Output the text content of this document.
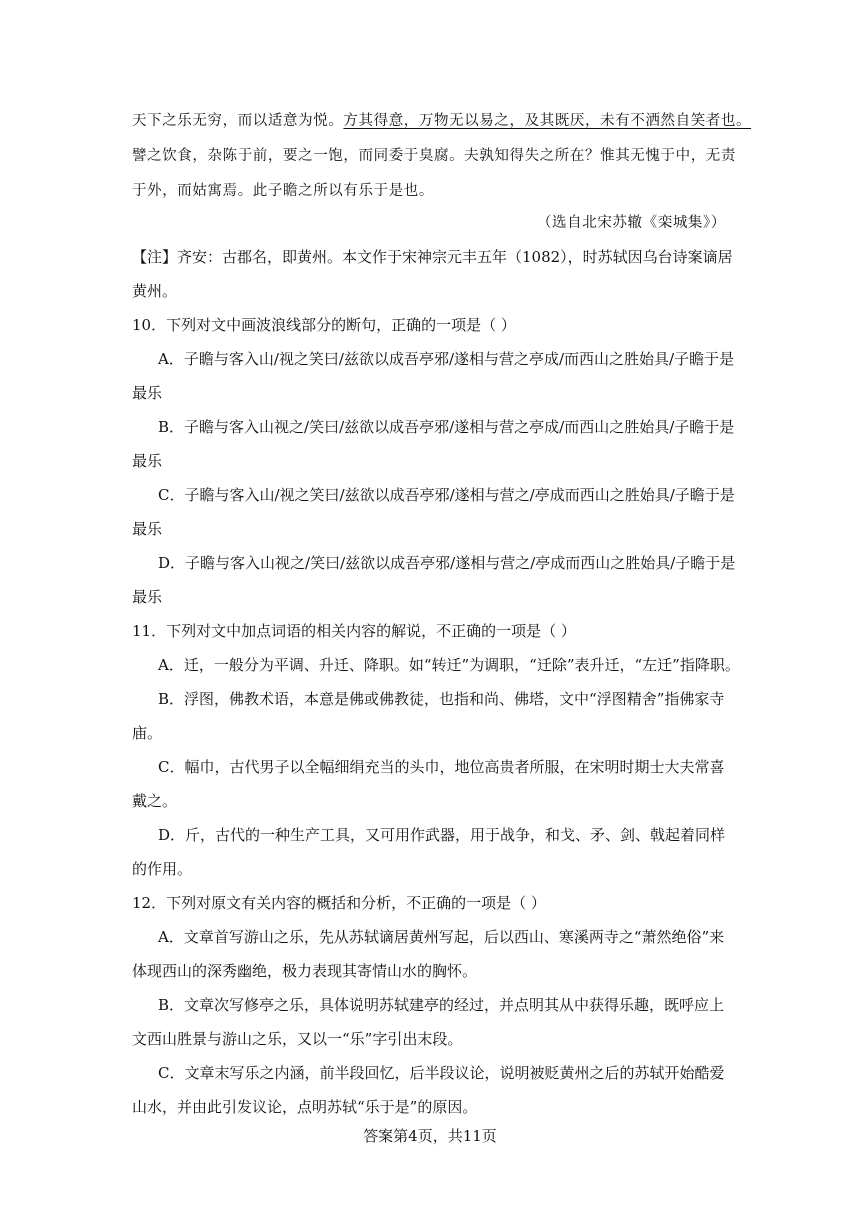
天下之乐无穷，而以适意为悦。方其得意，万物无以易之，及其既厌，未有不洒然自笑者也。
譬之饮食，杂陈于前，要之一饱，而同委于臭腐。夫孰知得失之所在？惟其无愧于中，无责
于外，而姑寓焉。此子瞻之所以有乐于是也。
（选自北宋苏辙《栾城集》）
【注】齐安：古郡名，即黄州。本文作于宋神宗元丰五年（1082），时苏轼因乌台诗案谪居
黄州。
10．下列对文中画波浪线部分的断句，正确的一项是（ ）
A．子瞻与客入山/视之笑曰/兹欲以成吾亭邪/遂相与营之亭成/而西山之胜始具/子瞻于是
最乐
B．子瞻与客入山视之/笑曰/兹欲以成吾亭邪/遂相与营之亭成/而西山之胜始具/子瞻于是
最乐
C．子瞻与客入山/视之笑曰/兹欲以成吾亭邪/遂相与营之/亭成而西山之胜始具/子瞻于是
最乐
D．子瞻与客入山视之/笑曰/兹欲以成吾亭邪/遂相与营之/亭成而西山之胜始具/子瞻于是
最乐
11．下列对文中加点词语的相关内容的解说，不正确的一项是（ ）
A．迁，一般分为平调、升迁、降职。如“转迁”为调职，“迁除”表升迁，“左迁”指降职。
B．浮图，佛教术语，本意是佛或佛教徒，也指和尚、佛塔，文中“浮图精舍”指佛家寺
庙。
C．幅巾，古代男子以全幅细绢充当的头巾，地位高贵者所服，在宋明时期士大夫常喜
戴之。
D．斤，古代的一种生产工具，又可用作武器，用于战争，和戈、矛、剑、戟起着同样
的作用。
12．下列对原文有关内容的概括和分析，不正确的一项是（ ）
A．文章首写游山之乐，先从苏轼谪居黄州写起，后以西山、寒溪两寺之“萧然绝俗”来
体现西山的深秀幽绝，极力表现其寄情山水的胸怀。
B．文章次写修亭之乐，具体说明苏轼建亭的经过，并点明其从中获得乐趣，既呼应上
文西山胜景与游山之乐，又以一“乐”字引出末段。
C．文章末写乐之内涵，前半段回忆，后半段议论，说明被贬黄州之后的苏轼开始酷爱
山水，并由此引发议论，点明苏轼“乐于是”的原因。
答案第4页，共11页
